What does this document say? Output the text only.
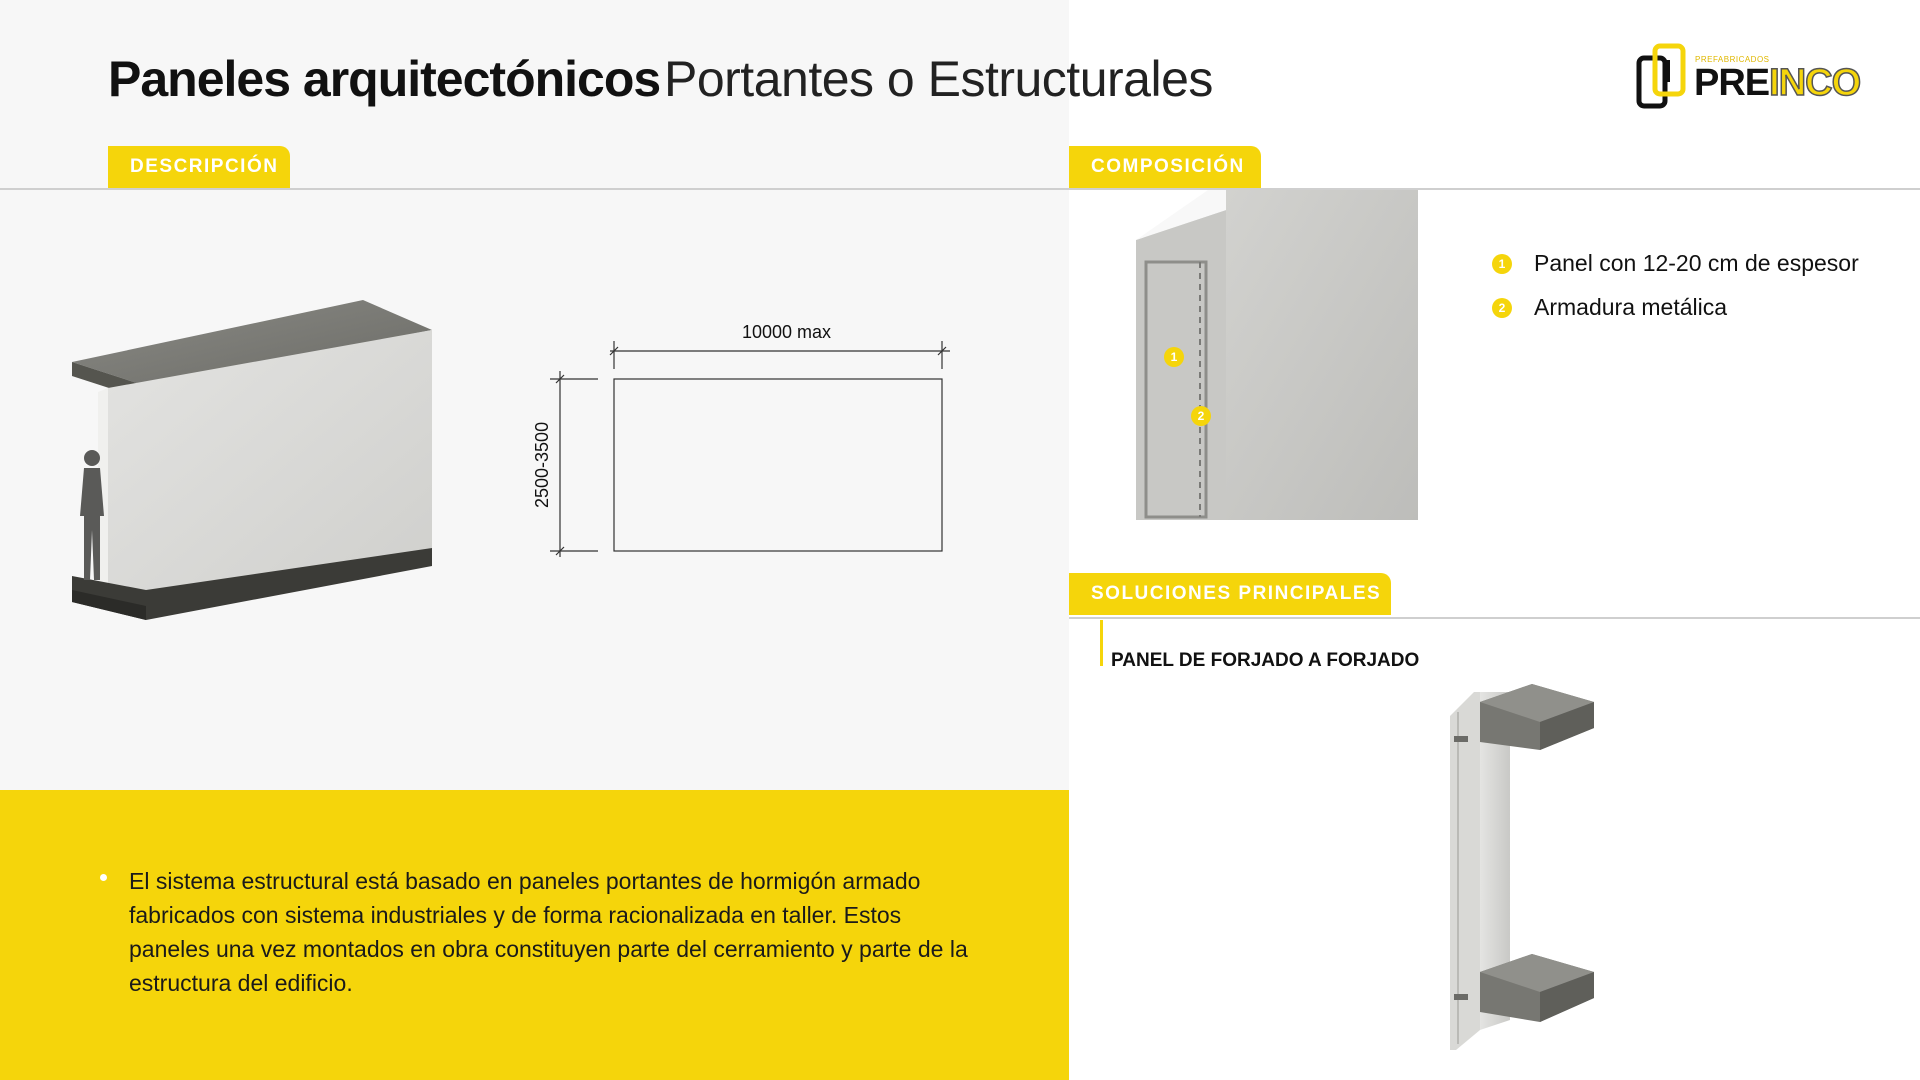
Paneles arquitectónicos Portantes o Estructurales	PREFABRICADOS
PREINCO
DESCRIPCIÓN	COMPOSICIÓN
SOLUCIONES PRINCIPALES
10000 max
2500-3500
1
2
1 Panel con 12-20 cm de espesor
2 Armadura metálica
PANEL DE FORJADO A FORJADO
El sistema estructural está basado en paneles portantes de hormigón armado fabricados con sistema industriales y de forma racionalizada en taller. Estos paneles una vez montados en obra constituyen parte del cerramiento y parte de la estructura del edificio.
